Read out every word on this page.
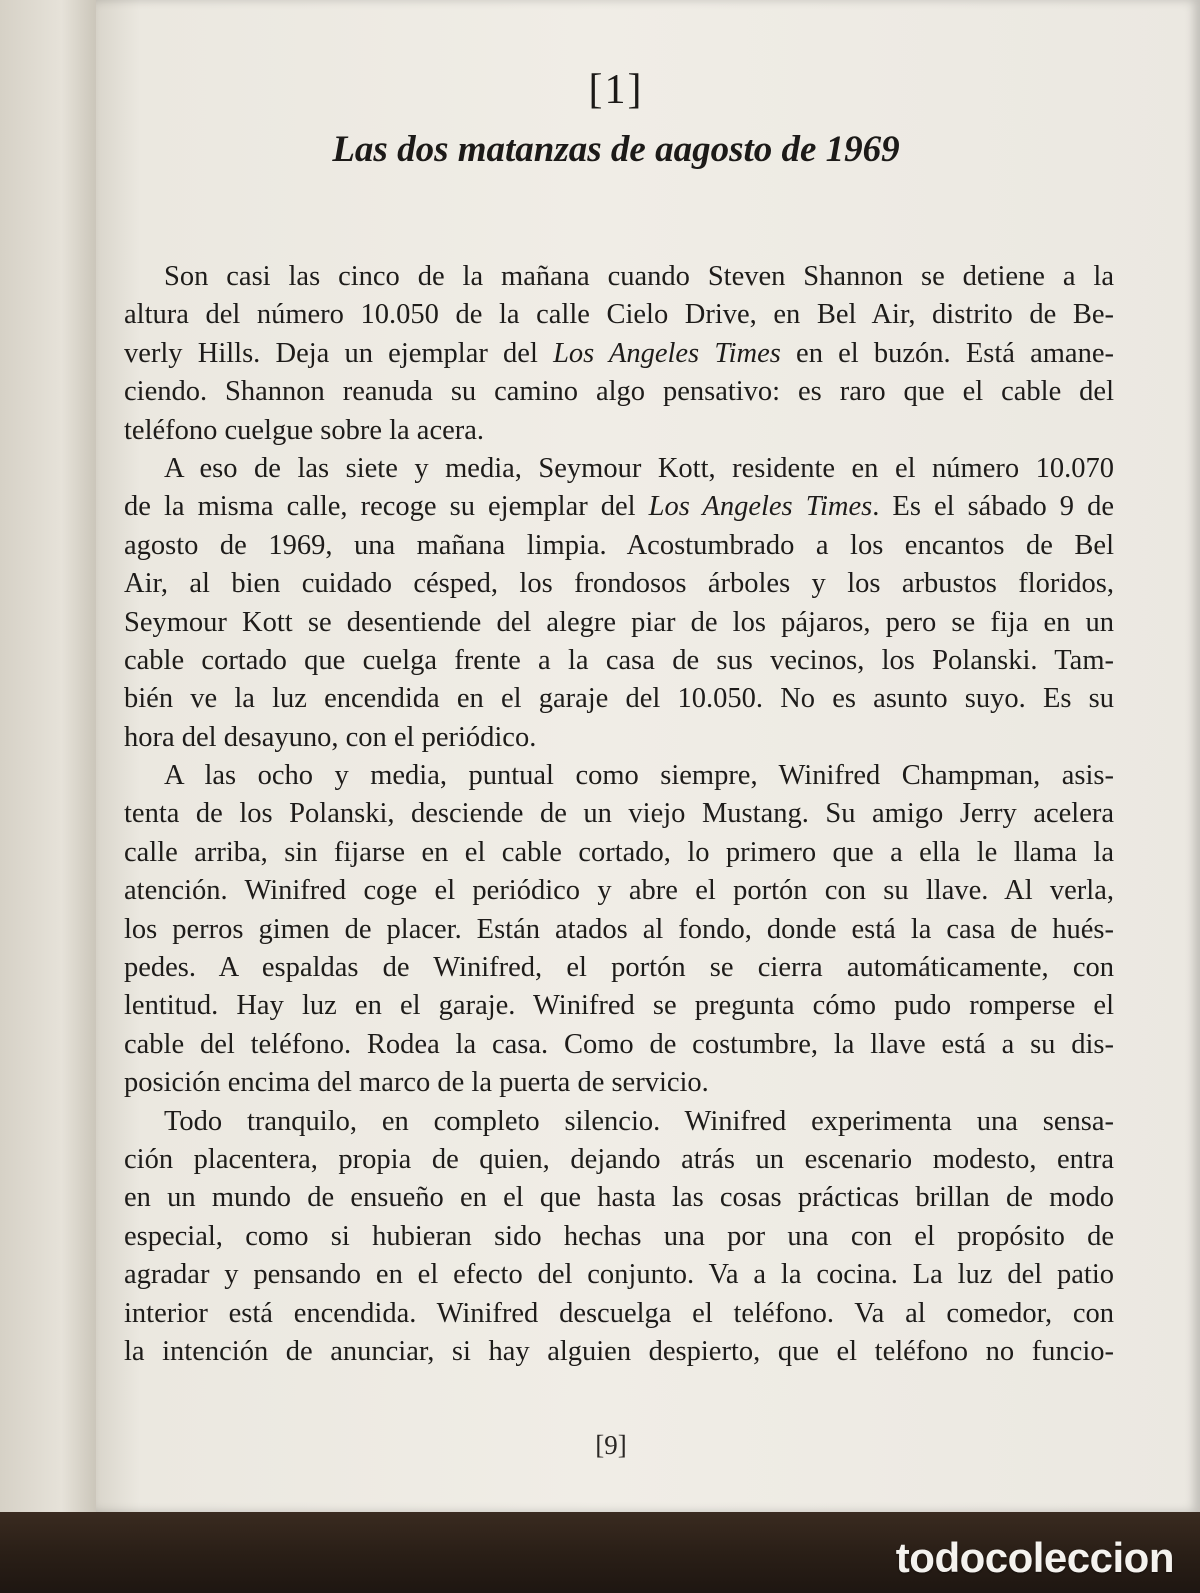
[1]
Las dos matanzas de aagosto de 1969
Son casi las cinco de la mañana cuando Steven Shannon se detiene a la
altura del número 10.050 de la calle Cielo Drive, en Bel Air, distrito de Be-
verly Hills. Deja un ejemplar del Los Angeles Times en el buzón. Está amane-
ciendo. Shannon reanuda su camino algo pensativo: es raro que el cable del
teléfono cuelgue sobre la acera.
A eso de las siete y media, Seymour Kott, residente en el número 10.070
de la misma calle, recoge su ejemplar del Los Angeles Times. Es el sábado 9 de
agosto de 1969, una mañana limpia. Acostumbrado a los encantos de Bel
Air, al bien cuidado césped, los frondosos árboles y los arbustos floridos,
Seymour Kott se desentiende del alegre piar de los pájaros, pero se fija en un
cable cortado que cuelga frente a la casa de sus vecinos, los Polanski. Tam-
bién ve la luz encendida en el garaje del 10.050. No es asunto suyo. Es su
hora del desayuno, con el periódico.
A las ocho y media, puntual como siempre, Winifred Champman, asis-
tenta de los Polanski, desciende de un viejo Mustang. Su amigo Jerry acelera
calle arriba, sin fijarse en el cable cortado, lo primero que a ella le llama la
atención. Winifred coge el periódico y abre el portón con su llave. Al verla,
los perros gimen de placer. Están atados al fondo, donde está la casa de hués-
pedes. A espaldas de Winifred, el portón se cierra automáticamente, con
lentitud. Hay luz en el garaje. Winifred se pregunta cómo pudo romperse el
cable del teléfono. Rodea la casa. Como de costumbre, la llave está a su dis-
posición encima del marco de la puerta de servicio.
Todo tranquilo, en completo silencio. Winifred experimenta una sensa-
ción placentera, propia de quien, dejando atrás un escenario modesto, entra
en un mundo de ensueño en el que hasta las cosas prácticas brillan de modo
especial, como si hubieran sido hechas una por una con el propósito de
agradar y pensando en el efecto del conjunto. Va a la cocina. La luz del patio
interior está encendida. Winifred descuelga el teléfono. Va al comedor, con
la intención de anunciar, si hay alguien despierto, que el teléfono no funcio-
[9]
todocoleccion
